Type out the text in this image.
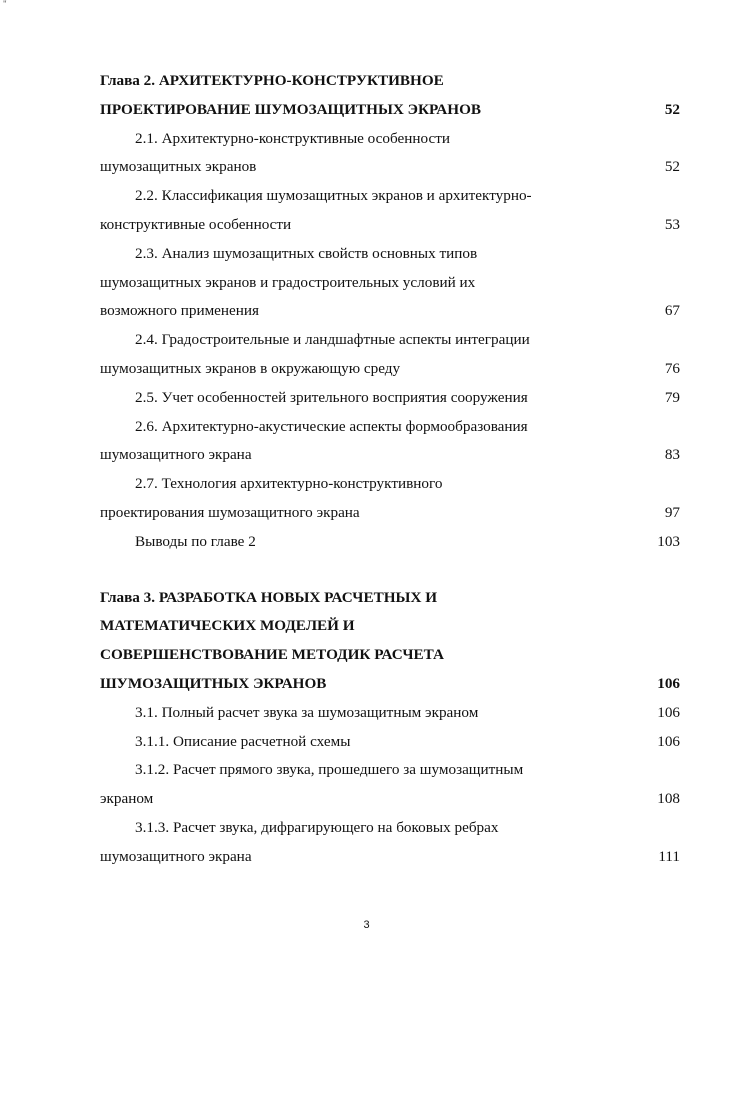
"
Глава 2. АРХИТЕКТУРНО-КОНСТРУКТИВНОЕ
ПРОЕКТИРОВАНИЕ ШУМОЗАЩИТНЫХ ЭКРАНОВ	52
2.1. Архитектурно-конструктивные особенности
шумозащитных экранов	52
2.2. Классификация шумозащитных экранов и архитектурно-
конструктивные особенности	53
2.3. Анализ шумозащитных свойств основных типов
шумозащитных экранов и градостроительных условий их
возможного применения	67
2.4. Градостроительные и ландшафтные аспекты интеграции
шумозащитных экранов в окружающую среду	76
2.5. Учет особенностей зрительного восприятия сооружения	79
2.6. Архитектурно-акустические аспекты формообразования
шумозащитного экрана	83
2.7. Технология архитектурно-конструктивного
проектирования шумозащитного экрана	97
Выводы по главе 2	103
Глава 3. РАЗРАБОТКА НОВЫХ РАСЧЕТНЫХ И
МАТЕМАТИЧЕСКИХ МОДЕЛЕЙ И
СОВЕРШЕНСТВОВАНИЕ МЕТОДИК РАСЧЕТА
ШУМОЗАЩИТНЫХ ЭКРАНОВ	106
3.1. Полный расчет звука за шумозащитным экраном	106
3.1.1. Описание расчетной схемы	106
3.1.2. Расчет прямого звука, прошедшего за шумозащитным
экраном	108
3.1.3. Расчет звука, дифрагирующего на боковых ребрах
шумозащитного экрана	111
3
